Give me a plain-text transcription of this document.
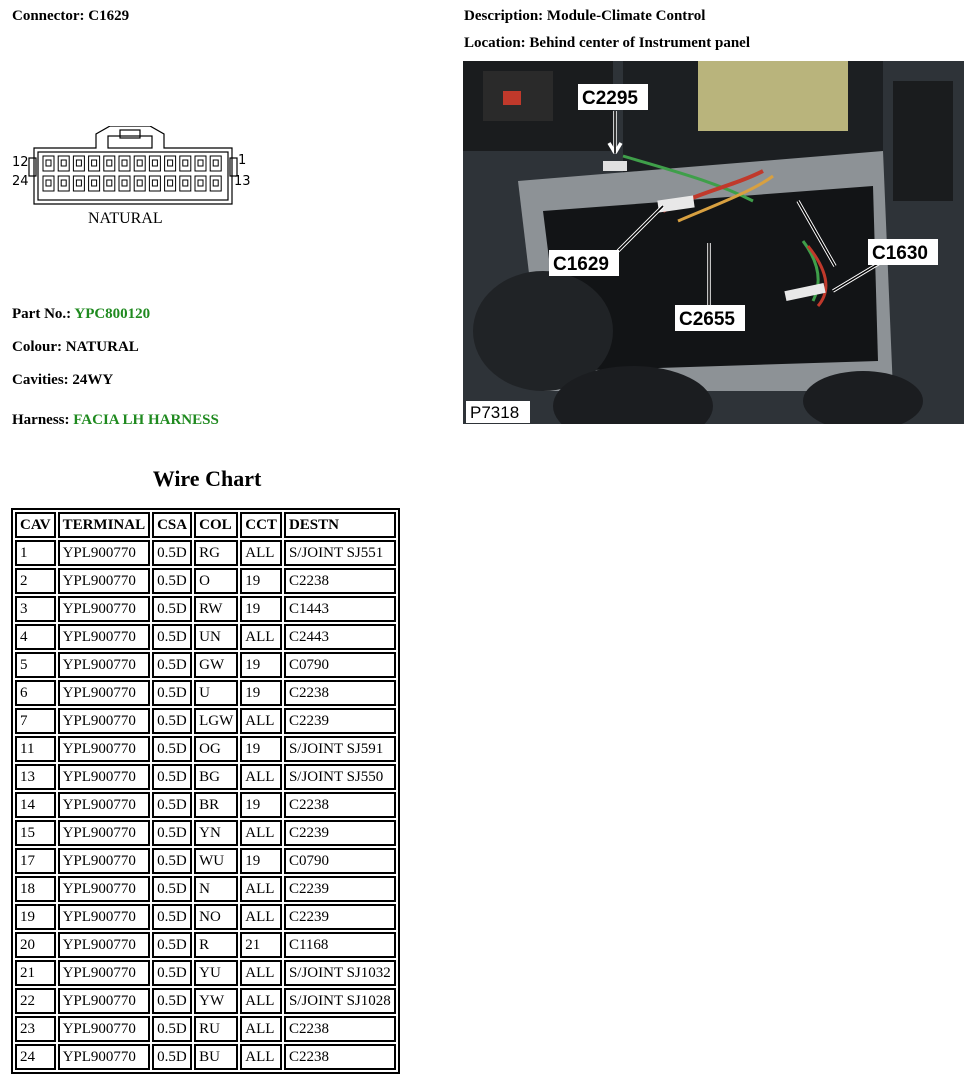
Connector: C1629	Description: Module-Climate Control
Location: Behind center of Instrument panel
12	1
24	13
NATURAL
C2295
C1629
C2655
C1630
P7318
Part No.: YPC800120
Colour: NATURAL
Cavities: 24WY
Harness: FACIA LH HARNESS
Wire Chart
CAV	TERMINAL	CSA	COL	CCT	DESTN
1	YPL900770	0.5D	RG	ALL	S/JOINT SJ551
2	YPL900770	0.5D	O	19	C2238
3	YPL900770	0.5D	RW	19	C1443
4	YPL900770	0.5D	UN	ALL	C2443
5	YPL900770	0.5D	GW	19	C0790
6	YPL900770	0.5D	U	19	C2238
7	YPL900770	0.5D	LGW	ALL	C2239
11	YPL900770	0.5D	OG	19	S/JOINT SJ591
13	YPL900770	0.5D	BG	ALL	S/JOINT SJ550
14	YPL900770	0.5D	BR	19	C2238
15	YPL900770	0.5D	YN	ALL	C2239
17	YPL900770	0.5D	WU	19	C0790
18	YPL900770	0.5D	N	ALL	C2239
19	YPL900770	0.5D	NO	ALL	C2239
20	YPL900770	0.5D	R	21	C1168
21	YPL900770	0.5D	YU	ALL	S/JOINT SJ1032
22	YPL900770	0.5D	YW	ALL	S/JOINT SJ1028
23	YPL900770	0.5D	RU	ALL	C2238
24	YPL900770	0.5D	BU	ALL	C2238
